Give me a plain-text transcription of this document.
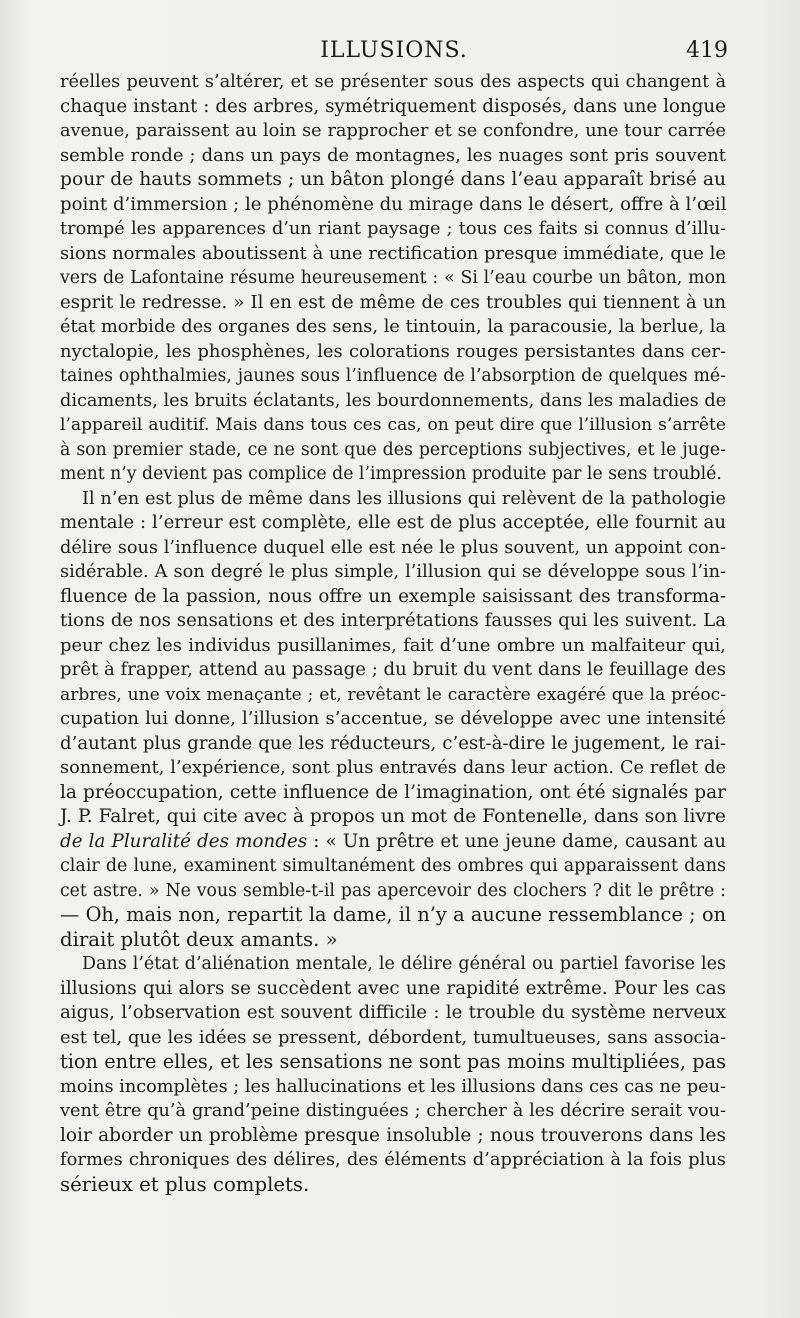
ILLUSIONS.	419
réelles peuvent s’altérer, et se présenter sous des aspects qui changent à
chaque instant : des arbres, symétriquement disposés, dans une longue
avenue, paraissent au loin se rapprocher et se confondre, une tour carrée
semble ronde ; dans un pays de montagnes, les nuages sont pris souvent
pour de hauts sommets ; un bâton plongé dans l’eau apparaît brisé au
point d’immersion ; le phénomène du mirage dans le désert, offre à l’œil
trompé les apparences d’un riant paysage ; tous ces faits si connus d’illu-
sions normales aboutissent à une rectification presque immédiate, que le
vers de Lafontaine résume heureusement : « Si l’eau courbe un bâton, mon
esprit le redresse. » Il en est de même de ces troubles qui tiennent à un
état morbide des organes des sens, le tintouin, la paracousie, la berlue, la
nyctalopie, les phosphènes, les colorations rouges persistantes dans cer-
taines ophthalmies, jaunes sous l’influence de l’absorption de quelques mé-
dicaments, les bruits éclatants, les bourdonnements, dans les maladies de
l’appareil auditif. Mais dans tous ces cas, on peut dire que l’illusion s’arrête
à son premier stade, ce ne sont que des perceptions subjectives, et le juge-
ment n’y devient pas complice de l’impression produite par le sens troublé.
Il n’en est plus de même dans les illusions qui relèvent de la pathologie
mentale : l’erreur est complète, elle est de plus acceptée, elle fournit au
délire sous l’influence duquel elle est née le plus souvent, un appoint con-
sidérable. A son degré le plus simple, l’illusion qui se développe sous l’in-
fluence de la passion, nous offre un exemple saisissant des transforma-
tions de nos sensations et des interprétations fausses qui les suivent. La
peur chez les individus pusillanimes, fait d’une ombre un malfaiteur qui,
prêt à frapper, attend au passage ; du bruit du vent dans le feuillage des
arbres, une voix menaçante ; et, revêtant le caractère exagéré que la préoc-
cupation lui donne, l’illusion s’accentue, se développe avec une intensité
d’autant plus grande que les réducteurs, c’est-à-dire le jugement, le rai-
sonnement, l’expérience, sont plus entravés dans leur action. Ce reflet de
la préoccupation, cette influence de l’imagination, ont été signalés par
J. P. Falret, qui cite avec à propos un mot de Fontenelle, dans son livre
de la Pluralité des mondes : « Un prêtre et une jeune dame, causant au
clair de lune, examinent simultanément des ombres qui apparaissent dans
cet astre. » Ne vous semble-t-il pas apercevoir des clochers ? dit le prêtre :
— Oh, mais non, repartit la dame, il n’y a aucune ressemblance ; on
dirait plutôt deux amants. »
Dans l’état d’aliénation mentale, le délire général ou partiel favorise les
illusions qui alors se succèdent avec une rapidité extrême. Pour les cas
aigus, l’observation est souvent difficile : le trouble du système nerveux
est tel, que les idées se pressent, débordent, tumultueuses, sans associa-
tion entre elles, et les sensations ne sont pas moins multipliées, pas
moins incomplètes ; les hallucinations et les illusions dans ces cas ne peu-
vent être qu’à grand’peine distinguées ; chercher à les décrire serait vou-
loir aborder un problème presque insoluble ; nous trouverons dans les
formes chroniques des délires, des éléments d’appréciation à la fois plus
sérieux et plus complets.
